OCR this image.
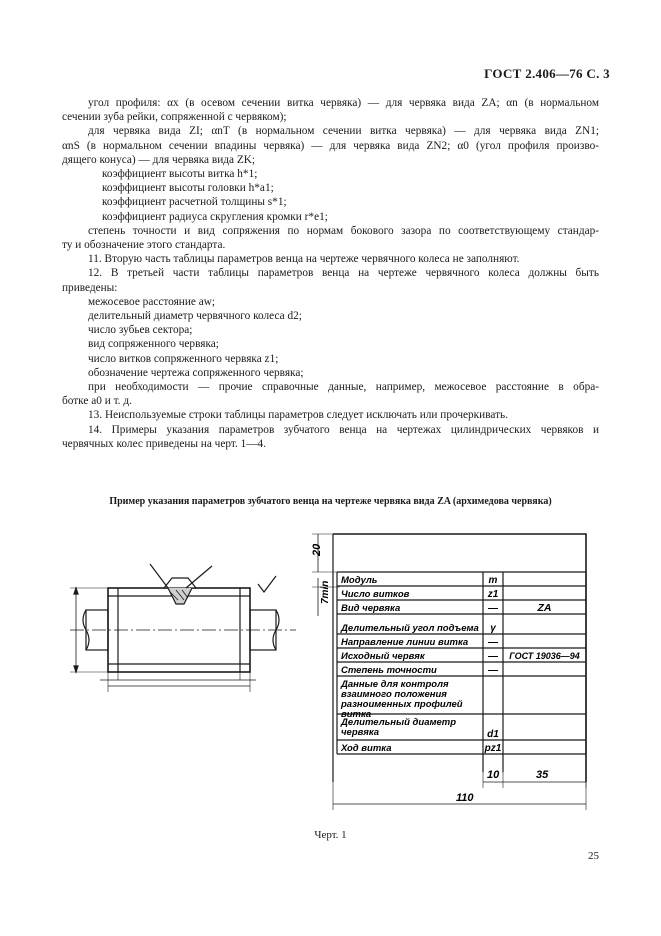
ГОСТ 2.406—76 С. 3
угол профиля: αx (в осевом сечении витка червяка) — для червяка вида ZA; αn (в нормальном
сечении зуба рейки, сопряженной с червяком);
для червяка вида ZI; αnT (в нормальном сечении витка червяка) — для червяка вида ZN1;
αnS (в нормальном сечении впадины червяка) — для червяка вида ZN2; α0 (угол профиля произво-
дящего конуса) — для червяка вида ZK;
коэффициент высоты витка h*1;
коэффициент высоты головки h*a1;
коэффициент расчетной толщины s*1;
коэффициент радиуса скругления кромки r*e1;
степень точности и вид сопряжения по нормам бокового зазора по соответствующему стандар-
ту и обозначение этого стандарта.
11. Вторую часть таблицы параметров венца на чертеже червячного колеса не заполняют.
12. В третьей части таблицы параметров венца на чертеже червячного колеса должны быть
приведены:
межосевое расстояние aw;
делительный диаметр червячного колеса d2;
число зубьев сектора;
вид сопряженного червяка;
число витков сопряженного червяка z1;
обозначение чертежа сопряженного червяка;
при необходимости — прочие справочные данные, например, межосевое расстояние в обра-
ботке a0 и т. д.
13. Неиспользуемые строки таблицы параметров следует исключать или прочеркивать.
14. Примеры указания параметров зубчатого венца на чертежах цилиндрических червяков и
червячных колес приведены на черт. 1—4.
Пример указания параметров зубчатого венца на чертеже червяка вида ZA (архимедова червяка)
Модуль	m
Число витков	z1
Вид червяка	—	ZA
Делительный угол подъема γ
Направление линии витка —
Исходный червяк	— ГОСТ 19036—94
Степень точности	—
Данные для контроля взаимного положения разноименных профилей витка
Делительный диаметр червяка	d1
Ход витка	pz1
20
7min
10	35
110
Черт. 1
25
